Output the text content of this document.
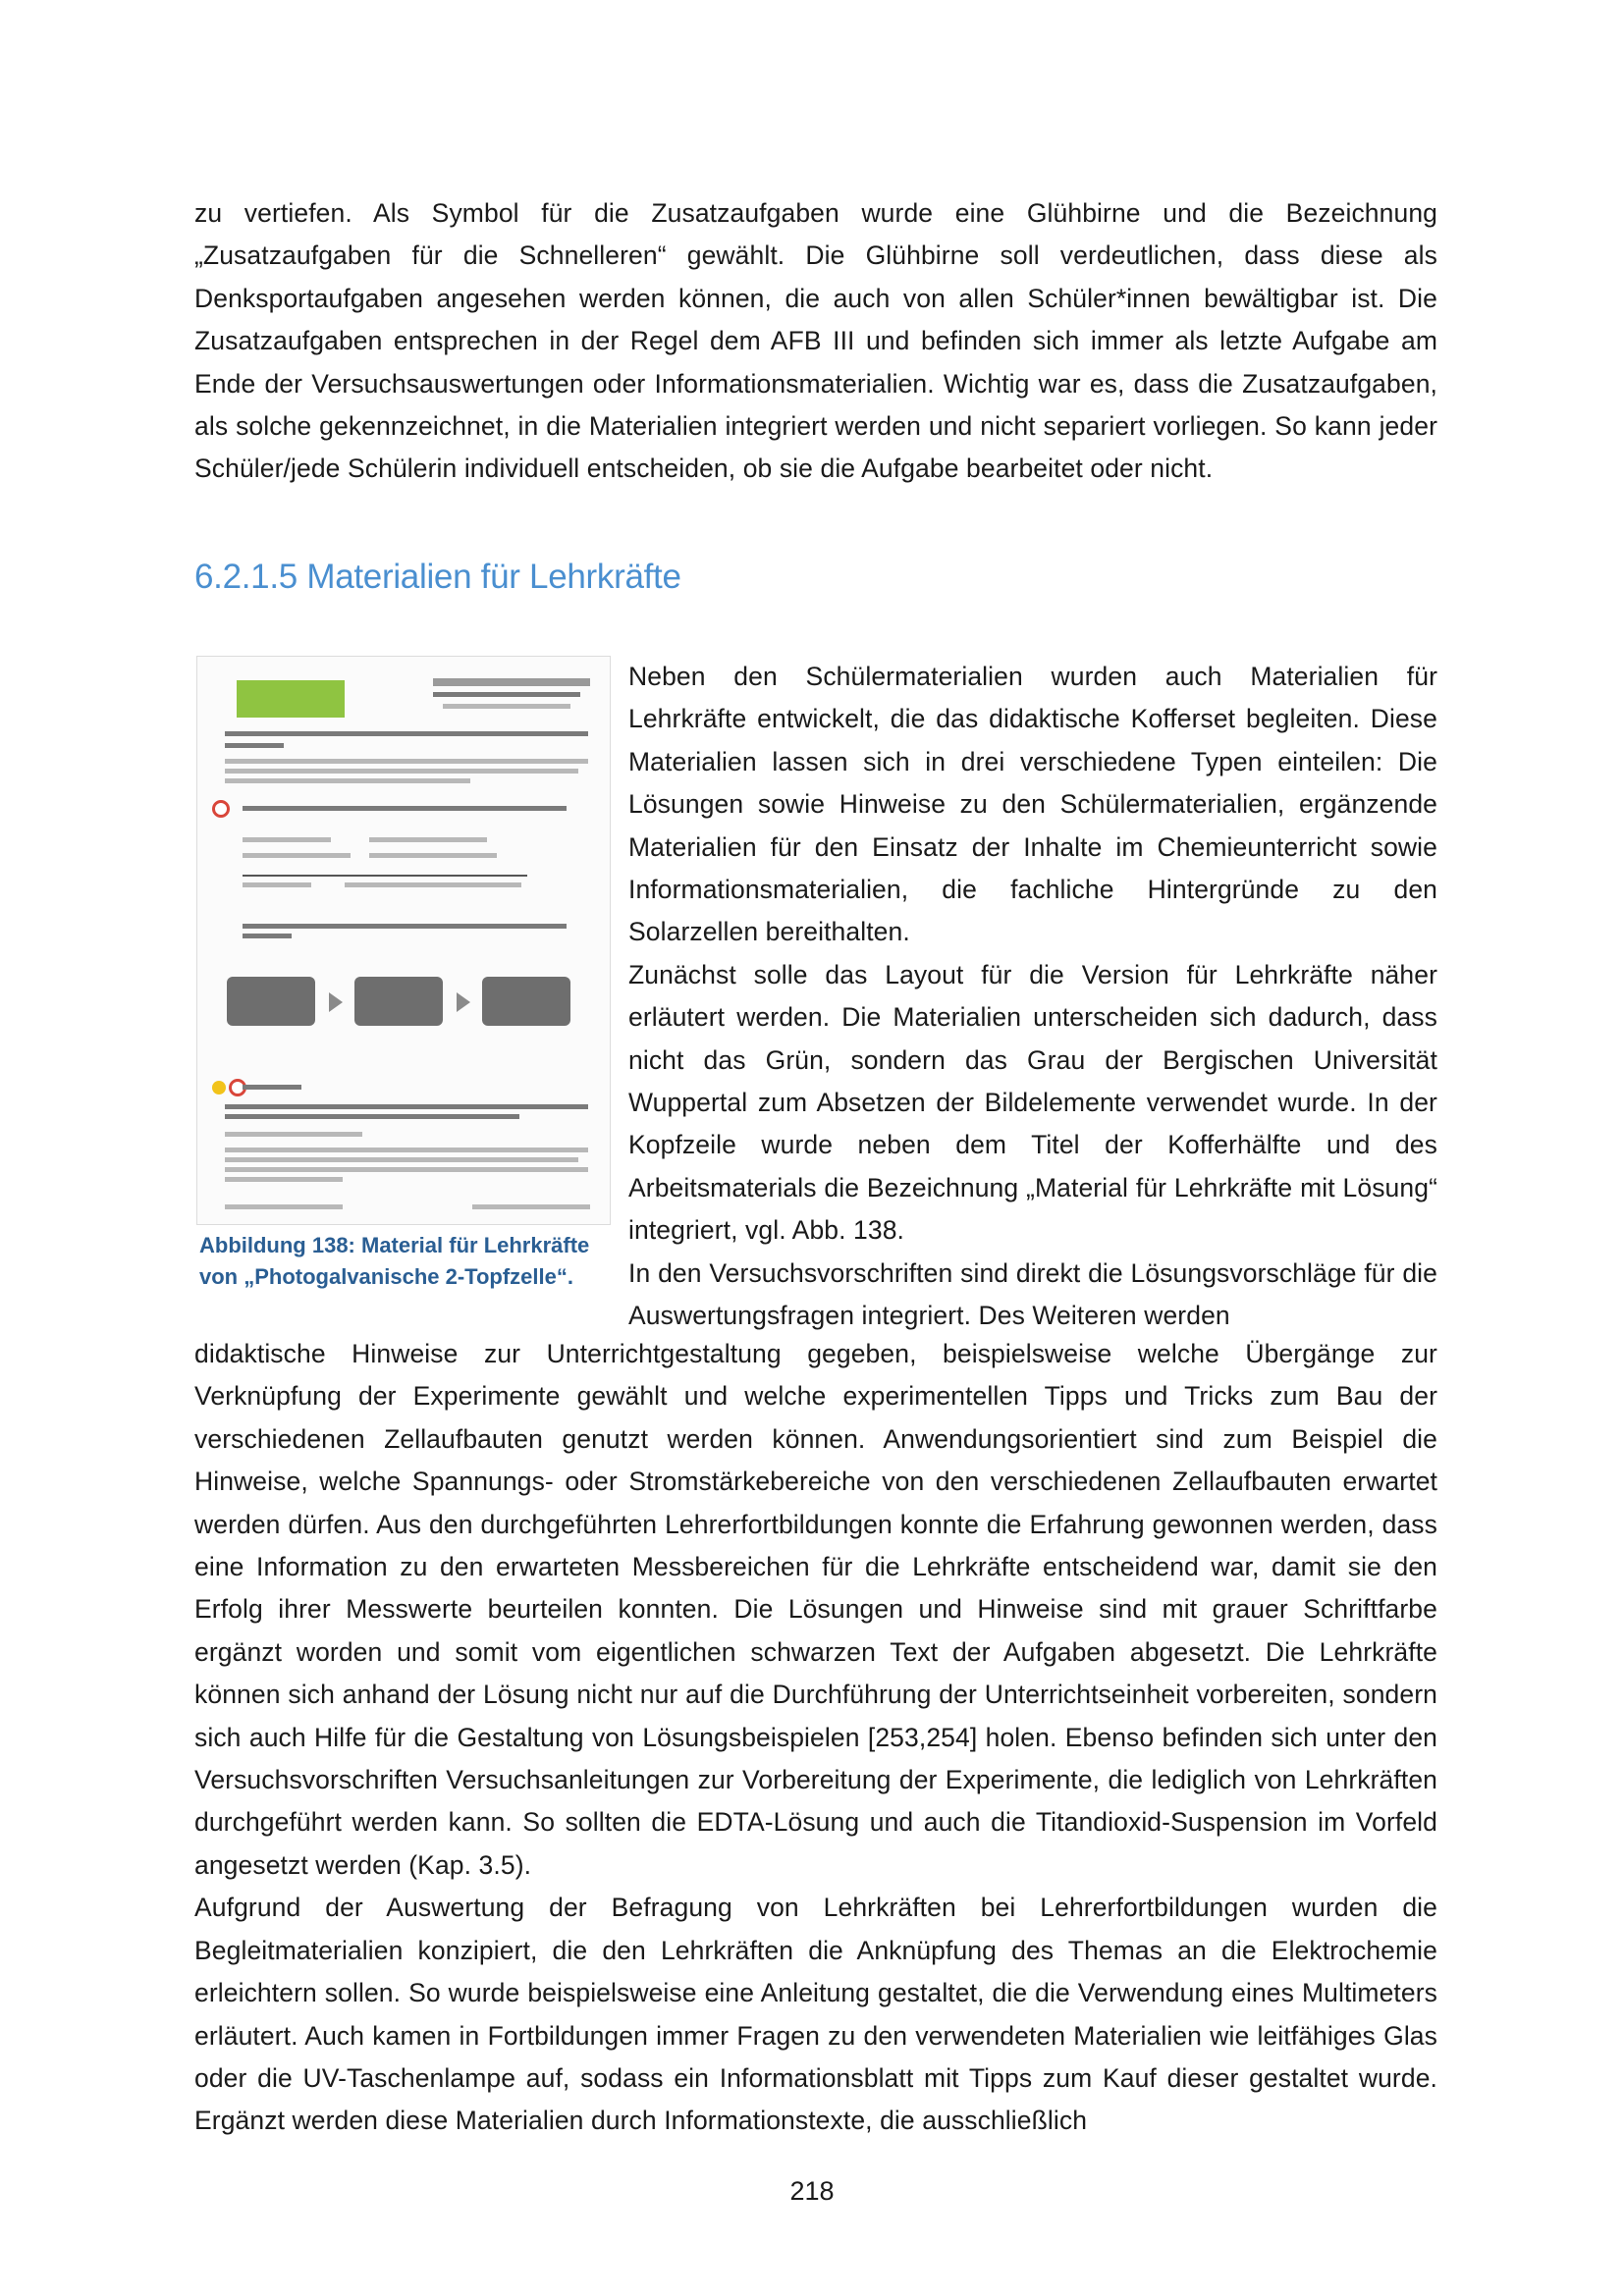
zu vertiefen. Als Symbol für die Zusatzaufgaben wurde eine Glühbirne und die Bezeichnung „Zusatzaufgaben für die Schnelleren“ gewählt. Die Glühbirne soll verdeutlichen, dass diese als Denksportaufgaben angesehen werden können, die auch von allen Schüler*innen bewältigbar ist. Die Zusatzaufgaben entsprechen in der Regel dem AFB III und befinden sich immer als letzte Aufgabe am Ende der Versuchsauswertungen oder Informationsmaterialien. Wichtig war es, dass die Zusatzaufgaben, als solche gekennzeichnet, in die Materialien integriert werden und nicht separiert vorliegen. So kann jeder Schüler/jede Schülerin individuell entscheiden, ob sie die Aufgabe bearbeitet oder nicht.

6.2.1.5 Materialien für Lehrkräfte

Abbildung 138: Material für Lehrkräfte
von „Photogalvanische 2-Topfzelle“.

Neben den Schülermaterialien wurden auch Materialien für Lehrkräfte entwickelt, die das didaktische Kofferset begleiten. Diese Materialien lassen sich in drei verschiedene Typen einteilen: Die Lösungen sowie Hinweise zu den Schülermaterialien, ergänzende Materialien für den Einsatz der Inhalte im Chemieunterricht sowie Informationsmaterialien, die fachliche Hintergründe zu den Solarzellen bereithalten.

Zunächst solle das Layout für die Version für Lehrkräfte näher erläutert werden. Die Materialien unterscheiden sich dadurch, dass nicht das Grün, sondern das Grau der Bergischen Universität Wuppertal zum Absetzen der Bildelemente verwendet wurde. In der Kopfzeile wurde neben dem Titel der Kofferhälfte und des Arbeitsmaterials die Bezeichnung „Material für Lehrkräfte mit Lösung“ integriert, vgl. Abb. 138.

In den Versuchsvorschriften sind direkt die Lösungsvorschläge für die Auswertungsfragen integriert. Des Weiteren werden

didaktische Hinweise zur Unterrichtgestaltung gegeben, beispielsweise welche Übergänge zur Verknüpfung der Experimente gewählt und welche experimentellen Tipps und Tricks zum Bau der verschiedenen Zellaufbauten genutzt werden können. Anwendungsorientiert sind zum Beispiel die Hinweise, welche Spannungs- oder Stromstärkebereiche von den verschiedenen Zellaufbauten erwartet werden dürfen. Aus den durchgeführten Lehrerfortbildungen konnte die Erfahrung gewonnen werden, dass eine Information zu den erwarteten Messbereichen für die Lehrkräfte entscheidend war, damit sie den Erfolg ihrer Messwerte beurteilen konnten. Die Lösungen und Hinweise sind mit grauer Schriftfarbe ergänzt worden und somit vom eigentlichen schwarzen Text der Aufgaben abgesetzt. Die Lehrkräfte können sich anhand der Lösung nicht nur auf die Durchführung der Unterrichtseinheit vorbereiten, sondern sich auch Hilfe für die Gestaltung von Lösungsbeispielen [253,254] holen. Ebenso befinden sich unter den Versuchsvorschriften Versuchsanleitungen zur Vorbereitung der Experimente, die lediglich von Lehrkräften durchgeführt werden kann. So sollten die EDTA-Lösung und auch die Titandioxid-Suspension im Vorfeld angesetzt werden (Kap. 3.5).

Aufgrund der Auswertung der Befragung von Lehrkräften bei Lehrerfortbildungen wurden die Begleitmaterialien konzipiert, die den Lehrkräften die Anknüpfung des Themas an die Elektrochemie erleichtern sollen. So wurde beispielsweise eine Anleitung gestaltet, die die Verwendung eines Multimeters erläutert. Auch kamen in Fortbildungen immer Fragen zu den verwendeten Materialien wie leitfähiges Glas oder die UV-Taschenlampe auf, sodass ein Informationsblatt mit Tipps zum Kauf dieser gestaltet wurde. Ergänzt werden diese Materialien durch Informationstexte, die ausschließlich

218
